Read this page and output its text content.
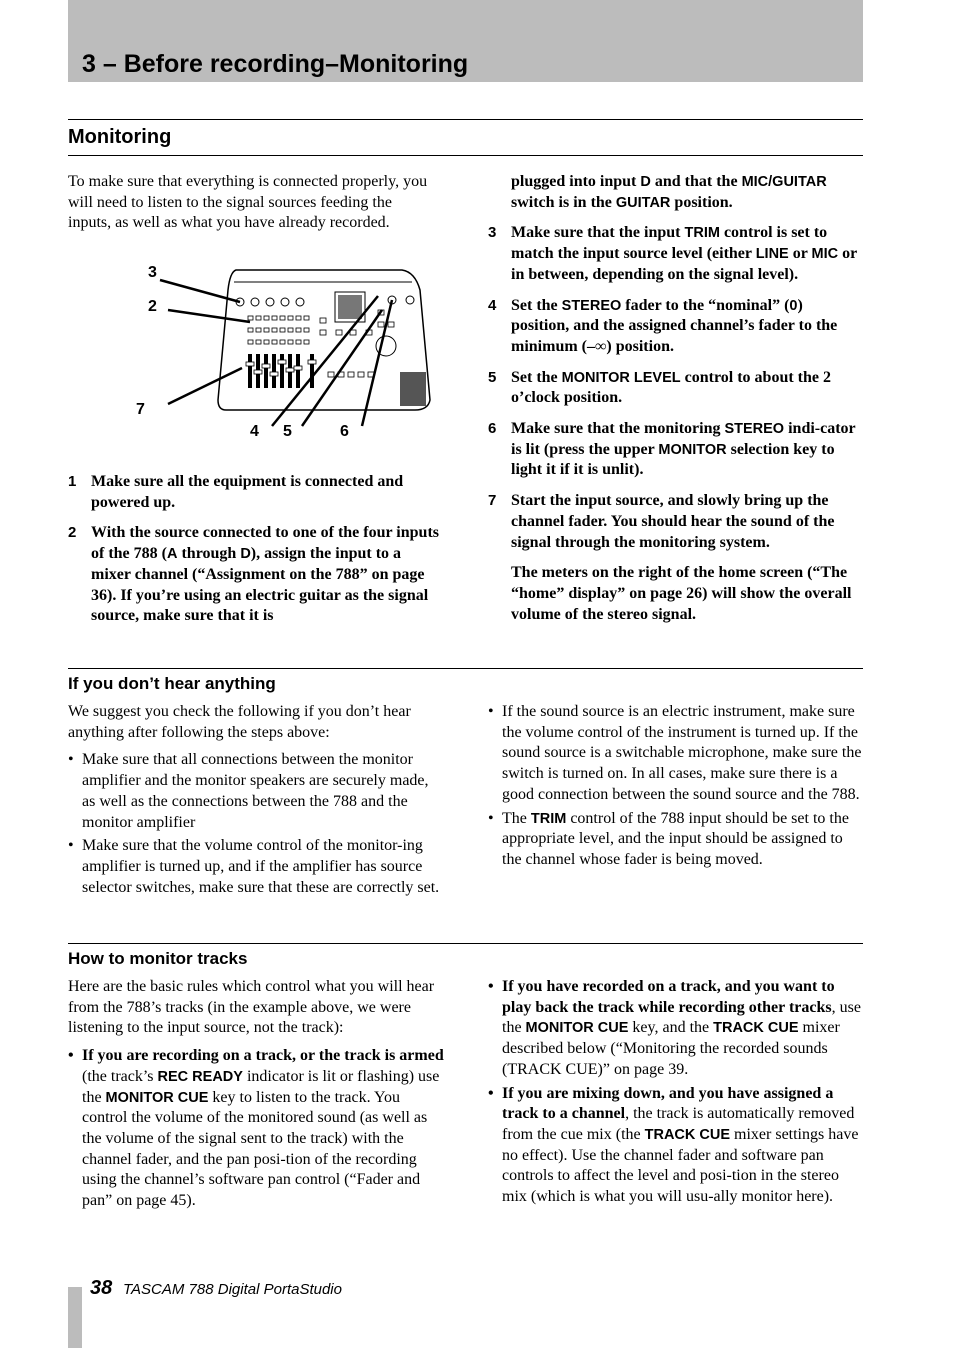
3 – Before recording–Monitoring
Monitoring

To make sure that everything is connected properly, you will need to listen to the signal sources feeding the inputs, as well as what you have already recorded.

3
2
7
4 5	6
1 Make sure all the equipment is connected and powered up.
2 With the source connected to one of the four inputs of the 788 (A through D), assign the input to a mixer channel (“Assignment on the 788” on page 36). If you’re using an electric guitar as the signal source, make sure that it is
plugged into input D and that the MIC/GUITAR switch is in the GUITAR position.
3 Make sure that the input TRIM control is set to match the input source level (either LINE or MIC or in between, depending on the signal level).
4 Set the STEREO fader to the “nominal” (0) position, and the assigned channel’s fader to the minimum (–∞) position.
5 Set the MONITOR LEVEL control to about the 2 o’clock position.
6 Make sure that the monitoring STEREO indi-cator is lit (press the upper MONITOR selection key to light it if it is unlit).
7 Start the input source, and slowly bring up the channel fader. You should hear the sound of the signal through the monitoring system.
The meters on the right of the home screen (“The “home” display” on page 26) will show the overall volume of the stereo signal.
If you don’t hear anything

We suggest you check the following if you don’t hear anything after following the steps above:

• Make sure that all connections between the monitor amplifier and the monitor speakers are securely made, as well as the connections between the 788 and the monitor amplifier
• Make sure that the volume control of the monitor-ing amplifier is turned up, and if the amplifier has source selector switches, make sure that these are correctly set.
• If the sound source is an electric instrument, make sure the volume control of the instrument is turned up. If the sound source is a switchable microphone, make sure the switch is turned on. In all cases, make sure there is a good connection between the sound source and the 788.
• The TRIM control of the 788 input should be set to the appropriate level, and the input should be assigned to the channel whose fader is being moved.
How to monitor tracks

Here are the basic rules which control what you will hear from the 788’s tracks (in the example above, we were listening to the input source, not the track):

• If you are recording on a track, or the track is armed (the track’s REC READY indicator is lit or flashing) use the MONITOR CUE key to listen to the track. You control the volume of the monitored sound (as well as the volume of the signal sent to the track) with the channel fader, and the pan posi-tion of the recording using the channel’s software pan control (“Fader and pan” on page 45).
• If you have recorded on a track, and you want to play back the track while recording other tracks, use the MONITOR CUE key, and the TRACK CUE mixer described below (“Monitoring the recorded sounds (TRACK CUE)” on page 39.
• If you are mixing down, and you have assigned a track to a channel, the track is automatically removed from the cue mix (the TRACK CUE mixer settings have no effect). Use the channel fader and software pan controls to affect the level and posi-tion in the stereo mix (which is what you will usu-ally monitor here).
38 TASCAM 788 Digital PortaStudio
